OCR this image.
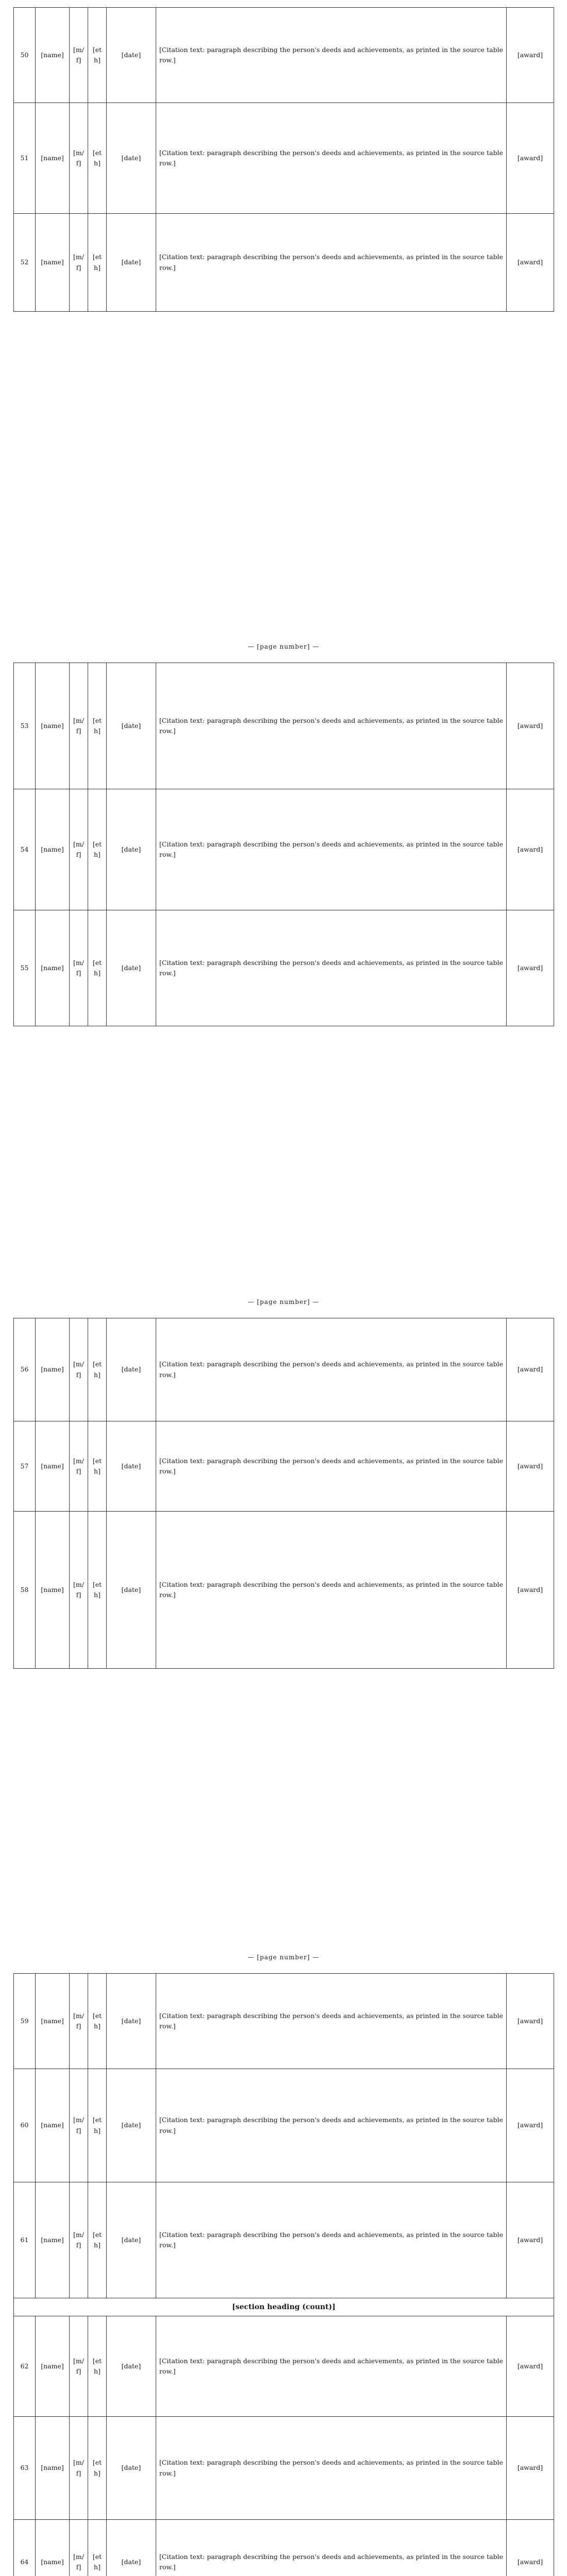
50	[name]	[m/f]	[eth]	[date]	[Citation text: paragraph describing the person's deeds and achievements, as printed in the source table row.]	[award]
51	[name]	[m/f]	[eth]	[date]	[Citation text: paragraph describing the person's deeds and achievements, as printed in the source table row.]	[award]
52	[name]	[m/f]	[eth]	[date]	[Citation text: paragraph describing the person's deeds and achievements, as printed in the source table row.]	[award]
— [page number] —
53	[name]	[m/f]	[eth]	[date]	[Citation text: paragraph describing the person's deeds and achievements, as printed in the source table row.]	[award]
54	[name]	[m/f]	[eth]	[date]	[Citation text: paragraph describing the person's deeds and achievements, as printed in the source table row.]	[award]
55	[name]	[m/f]	[eth]	[date]	[Citation text: paragraph describing the person's deeds and achievements, as printed in the source table row.]	[award]
— [page number] —
56	[name]	[m/f]	[eth]	[date]	[Citation text: paragraph describing the person's deeds and achievements, as printed in the source table row.]	[award]
57	[name]	[m/f]	[eth]	[date]	[Citation text: paragraph describing the person's deeds and achievements, as printed in the source table row.]	[award]
58	[name]	[m/f]	[eth]	[date]	[Citation text: paragraph describing the person's deeds and achievements, as printed in the source table row.]	[award]
— [page number] —
59	[name]	[m/f]	[eth]	[date]	[Citation text: paragraph describing the person's deeds and achievements, as printed in the source table row.]	[award]
60	[name]	[m/f]	[eth]	[date]	[Citation text: paragraph describing the person's deeds and achievements, as printed in the source table row.]	[award]
61	[name]	[m/f]	[eth]	[date]	[Citation text: paragraph describing the person's deeds and achievements, as printed in the source table row.]	[award]
[section heading (count)]						
62	[name]	[m/f]	[eth]	[date]	[Citation text: paragraph describing the person's deeds and achievements, as printed in the source table row.]	[award]
63	[name]	[m/f]	[eth]	[date]	[Citation text: paragraph describing the person's deeds and achievements, as printed in the source table row.]	[award]
64	[name]	[m/f]	[eth]	[date]	[Citation text: paragraph describing the person's deeds and achievements, as printed in the source table row.]	[award]
